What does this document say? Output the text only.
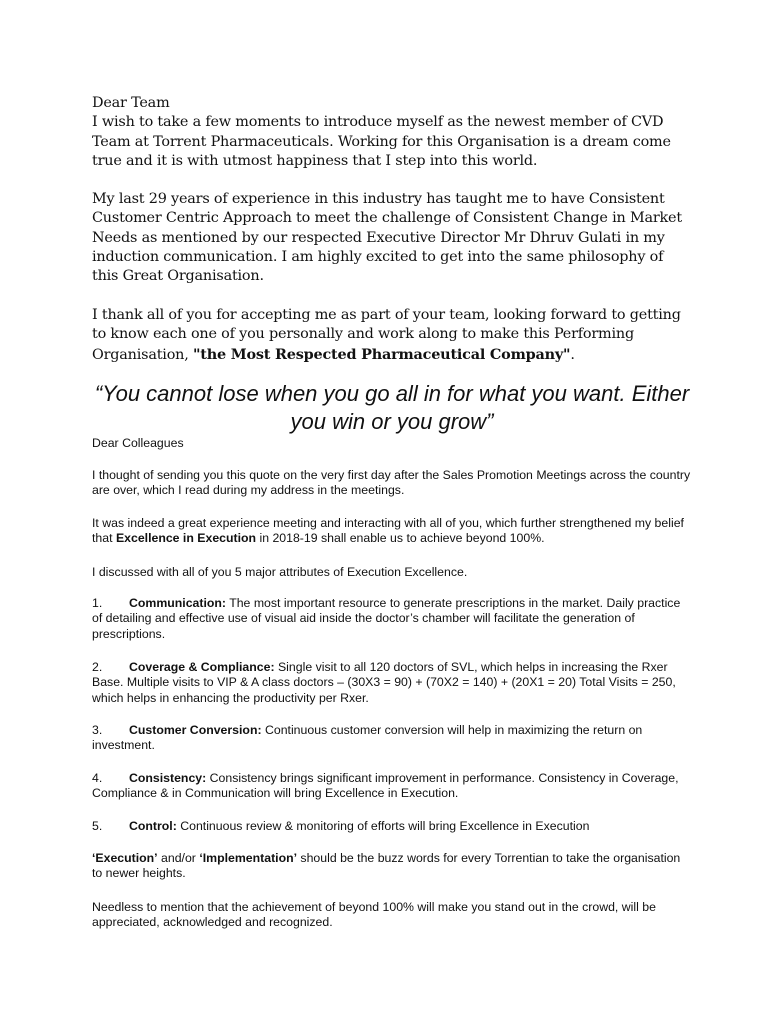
Dear Team

I wish to take a few moments to introduce myself as the newest member of CVD Team at Torrent Pharmaceuticals. Working for this Organisation is a dream come true and it is with utmost happiness that I step into this world.

My last 29 years of experience in this industry has taught me to have Consistent Customer Centric Approach to meet the challenge of Consistent Change in Market Needs as mentioned by our respected Executive Director Mr Dhruv Gulati in my induction communication. I am highly excited to get into the same philosophy of this Great Organisation.

I thank all of you for accepting me as part of your team, looking forward to getting to know each one of you personally and work along to make this Performing Organisation, "the Most Respected Pharmaceutical Company".

“You cannot lose when you go all in for what you want. Either you win or you grow”
Dear Colleagues
I thought of sending you this quote on the very first day after the Sales Promotion Meetings across the country are over, which I read during my address in the meetings.

It was indeed a great experience meeting and interacting with all of you, which further strengthened my belief that Excellence in Execution in 2018-19 shall enable us to achieve beyond 100%.

I discussed with all of you 5 major attributes of Execution Excellence.

1. Communication: The most important resource to generate prescriptions in the market. Daily practice of detailing and effective use of visual aid inside the doctor’s chamber will facilitate the generation of prescriptions.

2. Coverage & Compliance: Single visit to all 120 doctors of SVL, which helps in increasing the Rxer Base. Multiple visits to VIP & A class doctors – (30X3 = 90) + (70X2 = 140) + (20X1 = 20) Total Visits = 250, which helps in enhancing the productivity per Rxer.

3. Customer Conversion: Continuous customer conversion will help in maximizing the return on investment.

4. Consistency: Consistency brings significant improvement in performance. Consistency in Coverage, Compliance & in Communication will bring Excellence in Execution.

5. Control: Continuous review & monitoring of efforts will bring Excellence in Execution

‘Execution’ and/or ‘Implementation’ should be the buzz words for every Torrentian to take the organisation to newer heights.

Needless to mention that the achievement of beyond 100% will make you stand out in the crowd, will be appreciated, acknowledged and recognized.
